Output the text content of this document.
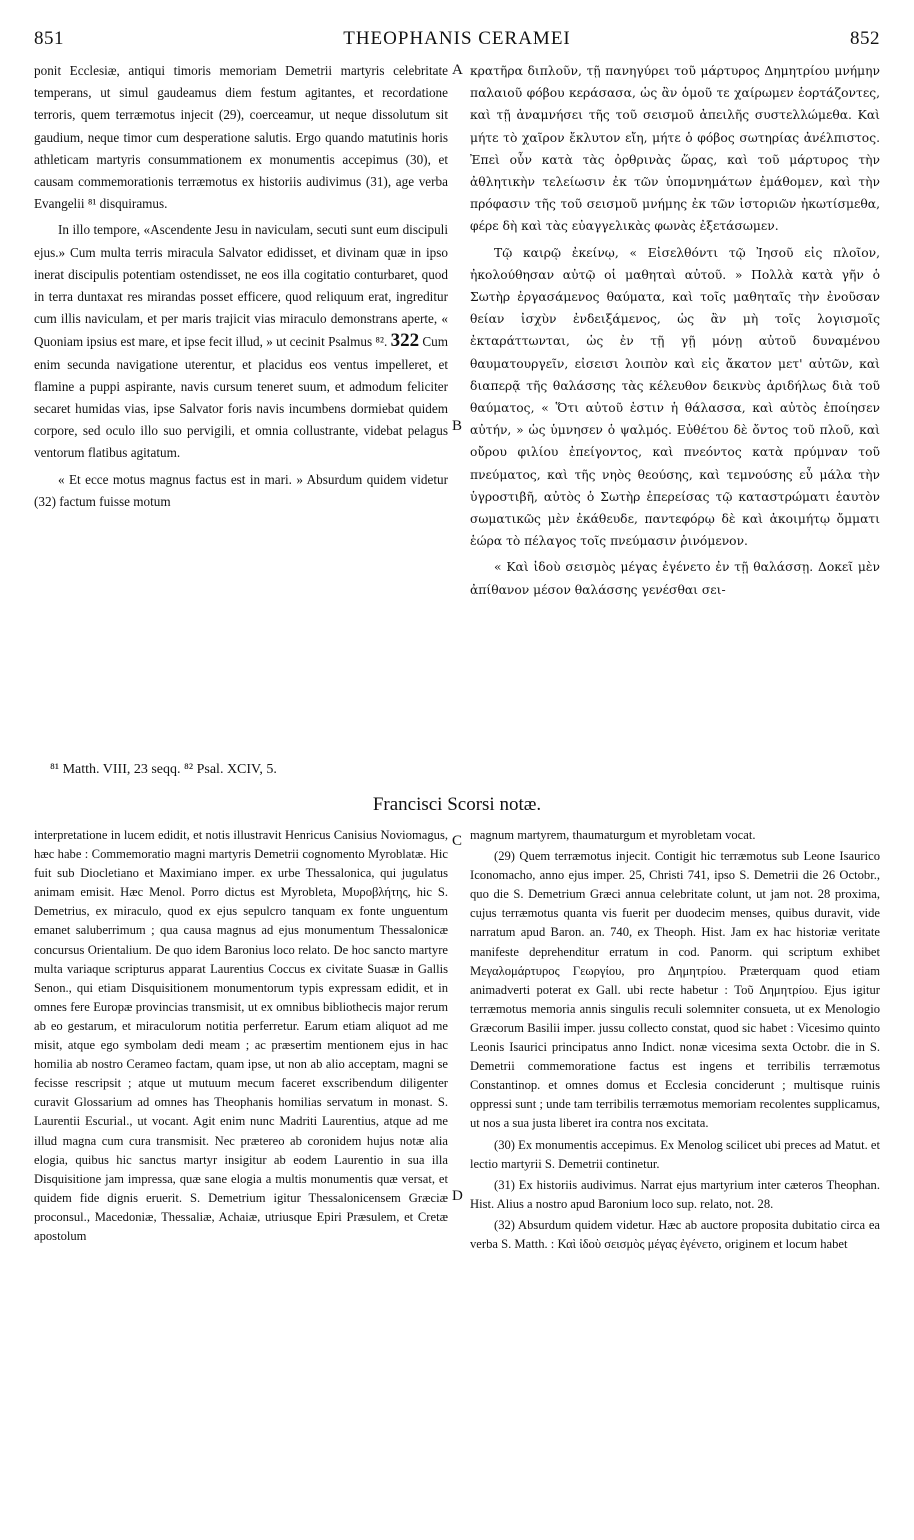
851	THEOPHANIS CERAMEI	852

ponit Ecclesiæ, antiqui timoris memoriam Demetrii martyris celebritate temperans, ut simul gaudeamus diem festum agitantes, et recordatione terroris, quem terræmotus injecit (29), coerceamur, ut neque dissolutum sit gaudium, neque timor cum desperatione salutis. Ergo quando matutinis horis athleticam martyris consummationem ex monumentis accepimus (30), et causam commemorationis terræmotus ex historiis audivimus (31), age verba Evangelii ⁸¹ disquiramus.

In illo tempore, «Ascendente Jesu in naviculam, secuti sunt eum discipuli ejus.» Cum multa terris miracula Salvator edidisset, et divinam quæ in ipso inerat discipulis potentiam ostendisset, ne eos illa cogitatio conturbaret, quod in terra duntaxat res mirandas posset efficere, quod reliquum erat, ingreditur cum illis naviculam, et per maris trajicit vias miraculo demonstrans aperte, « Quoniam ipsius est mare, et ipse fecit illud, » ut cecinit Psalmus ⁸². 322 Cum enim secunda navigatione uterentur, et placidus eos ventus impelleret, et flamine a puppi aspirante, navis cursum teneret suum, et admodum feliciter secaret humidas vias, ipse Salvator foris navis incumbens dormiebat quidem corpore, sed oculo illo suo pervigili, et omnia collustrante, videbat pelagus ventorum flatibus agitatum.

« Et ecce motus magnus factus est in mari. » Absurdum quidem videtur (32) factum fuisse motum

A
B

κρατῆρα διπλοῦν, τῇ πανηγύρει τοῦ μάρτυρος Δημητρίου μνήμην παλαιοῦ φόβου κεράσασα, ὡς ἂν ὁμοῦ τε χαίρωμεν ἑορτάζοντες, καὶ τῇ ἀναμνήσει τῆς τοῦ σεισμοῦ ἀπειλῆς συστελλώμεθα. Καὶ μήτε τὸ χαῖρον ἔκλυτον εἴη, μήτε ὁ φόβος σωτηρίας ἀνέλπιστος. Ἐπεὶ οὖν κατὰ τὰς ὀρθρινὰς ὥρας, καὶ τοῦ μάρτυρος τὴν ἀθλητικὴν τελείωσιν ἐκ τῶν ὑπομνημάτων ἐμάθομεν, καὶ τὴν πρόφασιν τῆς τοῦ σεισμοῦ μνήμης ἐκ τῶν ἱστοριῶν ἠκωτίσμεθα, φέρε δὴ καὶ τὰς εὐαγγελικὰς φωνὰς ἐξετάσωμεν.

Τῷ καιρῷ ἐκείνῳ, « Εἰσελθόντι τῷ Ἰησοῦ εἰς πλοῖον, ἠκολούθησαν αὐτῷ οἱ μαθηταὶ αὐτοῦ. » Πολλὰ κατὰ γῆν ὁ Σωτὴρ ἐργασάμενος θαύματα, καὶ τοῖς μαθηταῖς τὴν ἐνοῦσαν θείαν ἰσχὺν ἐνδειξάμενος, ὡς ἂν μὴ τοῖς λογισμοῖς ἐκταράττωνται, ὡς ἐν τῇ γῇ μόνῃ αὐτοῦ δυναμένου θαυματουργεῖν, εἰσεισι λοιπὸν καὶ εἰς ἄκατον μετ' αὐτῶν, καὶ διαπερᾷ τῆς θαλάσσης τὰς κέλευθον δεικνὺς ἀριδήλως διὰ τοῦ θαύματος, « Ὅτι αὐτοῦ ἐστιν ἡ θάλασσα, καὶ αὐτὸς ἐποίησεν αὐτήν, » ὡς ὑμνησεν ὁ ψαλμός. Εὐθέτου δὲ ὄντος τοῦ πλοῦ, καὶ οὔρου φιλίου ἐπείγοντος, καὶ πνεόντος κατὰ πρύμναν τοῦ πνεύματος, καὶ τῆς νηὸς θεούσης, καὶ τεμνούσης εὖ μάλα τὴν ὑγροστιβῆ, αὐτὸς ὁ Σωτὴρ ἐπερείσας τῷ καταστρώματι ἑαυτὸν σωματικῶς μὲν ἐκάθευδε, παντεφόρῳ δὲ καὶ ἀκοιμήτῳ ὄμματι ἑώρα τὸ πέλαγος τοῖς πνεύμασιν ῥινόμενον.

« Καὶ ἰδοὺ σεισμὸς μέγας ἐγένετο ἐν τῇ θαλάσσῃ. Δοκεῖ μὲν ἀπίθανον μέσον θαλάσσης γενέσθαι σει-

⁸¹ Matth. VIII, 23 seqq. ⁸² Psal. XCIV, 5.
Francisci Scorsi notæ.
C
D

interpretatione in lucem edidit, et notis illustravit Henricus Canisius Noviomagus, hæc habe : Commemoratio magni martyris Demetrii cognomento Myroblatæ. Hic fuit sub Diocletiano et Maximiano imper. ex urbe Thessalonica, qui jugulatus animam emisit. Hæc Menol. Porro dictus est Myrobleta, Μυροβλήτης, hic S. Demetrius, ex miraculo, quod ex ejus sepulcro tanquam ex fonte unguentum emanet saluberrimum ; qua causa magnus ad ejus monumentum Thessalonicæ concursus Orientalium. De quo idem Baronius loco relato. De hoc sancto martyre multa variaque scripturus apparat Laurentius Coccus ex civitate Suasæ in Gallis Senon., qui etiam Disquisitionem monumentorum typis expressam edidit, et in omnes fere Europæ provincias transmisit, ut ex omnibus bibliothecis major rerum ab eo gestarum, et miraculorum notitia perferretur. Earum etiam aliquot ad me misit, atque ego symbolam dedi meam ; ac præsertim mentionem ejus in hac homilia ab nostro Cerameo factam, quam ipse, ut non ab alio acceptam, magni se fecisse rescripsit ; atque ut mutuum mecum faceret exscribendum diligenter curavit Glossarium ad omnes has Theophanis homilias servatum in monast. S. Laurentii Escurial., ut vocant. Agit enim nunc Madriti Laurentius, atque ad me illud magna cum cura transmisit. Nec prætereo ab coronidem hujus notæ alia elogia, quibus hic sanctus martyr insigitur ab eodem Laurentio in sua illa Disquisitione jam impressa, quæ sane elogia a multis monumentis quæ versat, et quidem fide dignis eruerit. S. Demetrium igitur Thessalonicensem Græciæ proconsul., Macedoniæ, Thessaliæ, Achaiæ, utriusque Epiri Præsulem, et Cretæ apostolum

magnum martyrem, thaumaturgum et myrobletam vocat.

(29) Quem terræmotus injecit. Contigit hic terræmotus sub Leone Isaurico Iconomacho, anno ejus imper. 25, Christi 741, ipso S. Demetrii die 26 Octobr., quo die S. Demetrium Græci annua celebritate colunt, ut jam not. 28 proxima, cujus terræmotus quanta vis fuerit per duodecim menses, quibus duravit, vide narratum apud Baron. an. 740, ex Theoph. Hist. Jam ex hac historiæ veritate manifeste deprehenditur erratum in cod. Panorm. qui scriptum exhibet Μεγαλομάρτυρος Γεωργίου, pro Δημητρίου. Præterquam quod etiam animadverti poterat ex Gall. ubi recte habetur : Τοῦ Δημητρίου. Ejus igitur terræmotus memoria annis singulis reculi solemniter consueta, ut ex Menologio Græcorum Basilii imper. jussu collecto constat, quod sic habet : Vicesimo quinto Leonis Isaurici principatus anno Indict. nonæ vicesima sexta Octobr. die in S. Demetrii commemoratione factus est ingens et terribilis terræmotus Constantinop. et omnes domus et Ecclesia conciderunt ; multisque ruinis oppressi sunt ; unde tam terribilis terræmotus memoriam recolentes supplicamus, ut nos a sua justa liberet ira contra nos excitata.

(30) Ex monumentis accepimus. Ex Menolog scilicet ubi preces ad Matut. et lectio martyrii S. Demetrii continetur.

(31) Ex historiis audivimus. Narrat ejus martyrium inter cæteros Theophan. Hist. Alius a nostro apud Baronium loco sup. relato, not. 28.

(32) Absurdum quidem videtur. Hæc ab auctore proposita dubitatio circa ea verba S. Matth. : Καὶ ἰδοὺ σεισμὸς μέγας ἐγένετο, originem et locum habet
